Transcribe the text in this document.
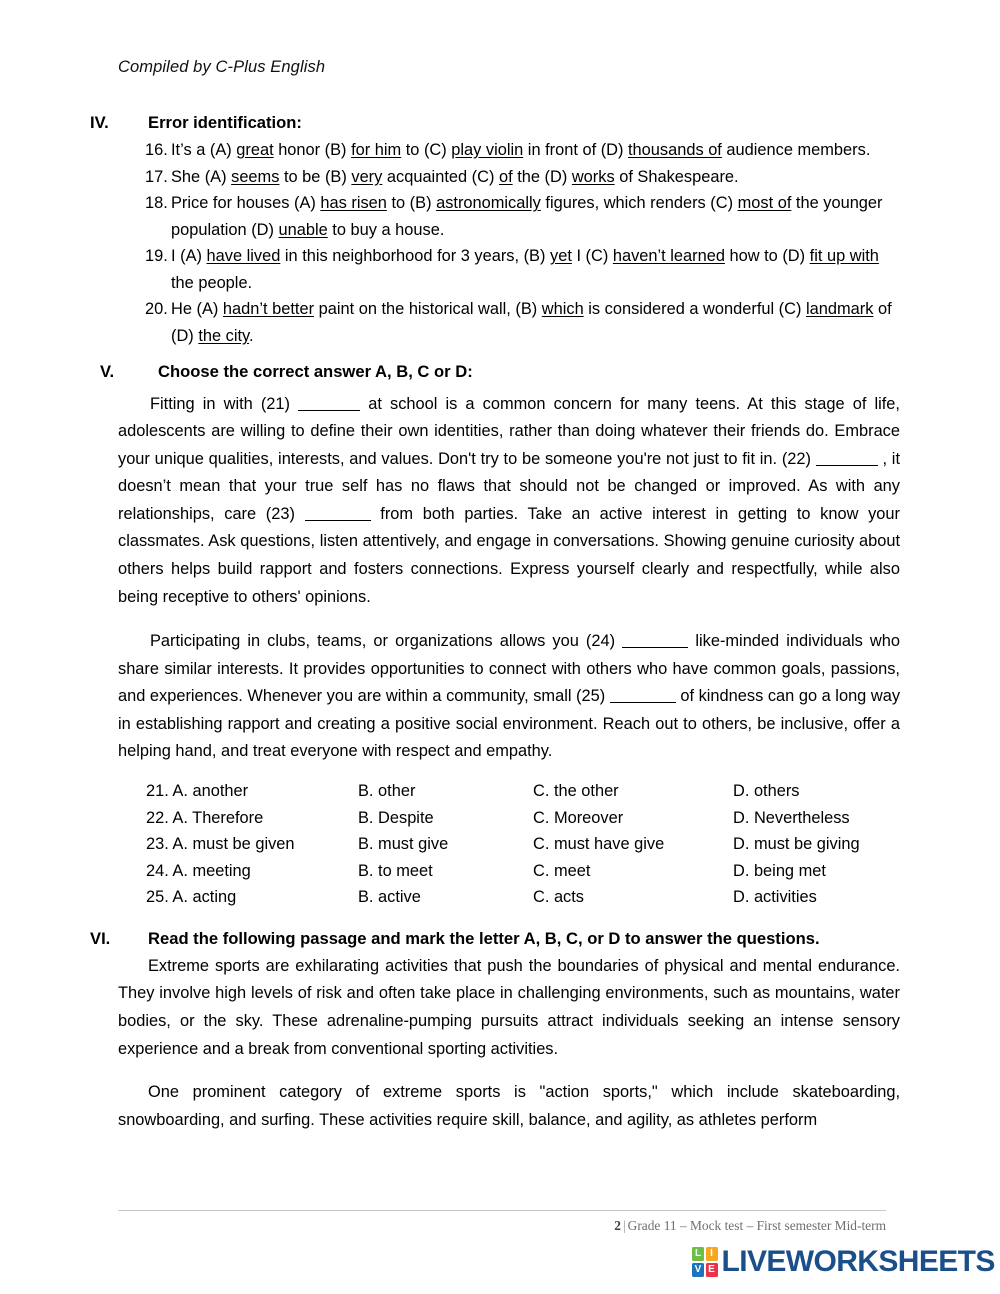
Compiled by C-Plus English
IV.	Error identification:
16. It’s a (A) great honor (B) for him to (C) play violin in front of (D) thousands of audience members.
17. She (A) seems to be (B) very acquainted (C) of the (D) works of Shakespeare.
18. Price for houses (A) has risen to (B) astronomically figures, which renders (C) most of the younger population (D) unable to buy a house.
19. I (A) have lived in this neighborhood for 3 years, (B) yet I (C) haven’t learned how to (D) fit up with the people.
20. He (A) hadn’t better paint on the historical wall, (B) which is considered a wonderful (C) landmark of (D) the city.
V.	Choose the correct answer A, B, C or D:

Fitting in with (21)	at school is a common concern for many teens. At this stage of life, adolescents are willing to define their own identities, rather than doing whatever their friends do. Embrace your unique qualities, interests, and values. Don't try to be someone you're not just to fit in. (22)	, it doesn’t mean that your true self has no flaws that should not be changed or improved. As with any relationships, care (23)	from both parties. Take an active interest in getting to know your classmates. Ask questions, listen attentively, and engage in conversations. Showing genuine curiosity about others helps build rapport and fosters connections. Express yourself clearly and respectfully, while also being receptive to others' opinions.

Participating in clubs, teams, or organizations allows you (24)	like-minded individuals who share similar interests. It provides opportunities to connect with others who have common goals, passions, and experiences. Whenever you are within a community, small (25)	of kindness can go a long way in establishing rapport and creating a positive social environment. Reach out to others, be inclusive, offer a helping hand, and treat everyone with respect and empathy.

21. A. another	B. other	C. the other	D. others
22. A. Therefore	B. Despite	C. Moreover	D. Nevertheless
23. A. must be given	B. must give	C. must have give	D. must be giving
24. A. meeting	B. to meet	C. meet	D. being met
25. A. acting	B. active	C. acts	D. activities
VI.	Read the following passage and mark the letter A, B, C, or D to answer the questions.

Extreme sports are exhilarating activities that push the boundaries of physical and mental endurance. They involve high levels of risk and often take place in challenging environments, such as mountains, water bodies, or the sky. These adrenaline-pumping pursuits attract individuals seeking an intense sensory experience and a break from conventional sporting activities.

One prominent category of extreme sports is "action sports," which include skateboarding, snowboarding, and surfing. These activities require skill, balance, and agility, as athletes perform

2 | Grade 11 – Mock test – First semester Mid-term
L I
V E LIVEWORKSHEETS
